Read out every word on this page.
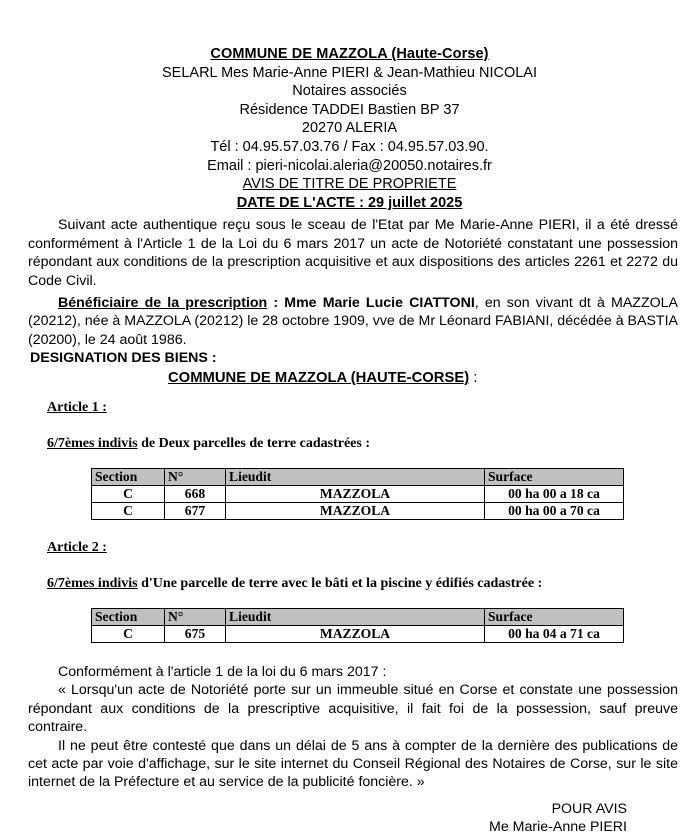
COMMUNE DE MAZZOLA (Haute-Corse)
SELARL Mes Marie-Anne PIERI & Jean-Mathieu NICOLAI
Notaires associés
Résidence TADDEI Bastien BP 37
20270 ALERIA
Tél : 04.95.57.03.76 / Fax : 04.95.57.03.90.
Email : pieri-nicolai.aleria@20050.notaires.fr
AVIS DE TITRE DE PROPRIETE
DATE DE L'ACTE : 29 juillet 2025

Suivant acte authentique reçu sous le sceau de l'Etat par Me Marie-Anne PIERI, il a été dressé conformément à l'Article 1 de la Loi du 6 mars 2017 un acte de Notoriété constatant une possession répondant aux conditions de la prescription acquisitive et aux dispositions des articles 2261 et 2272 du Code Civil.

Bénéficiaire de la prescription : Mme Marie Lucie CIATTONI, en son vivant dt à MAZZOLA (20212), née à MAZZOLA (20212) le 28 octobre 1909, vve de Mr Léonard FABIANI, décédée à BASTIA (20200), le 24 août 1986.

DESIGNATION DES BIENS :

COMMUNE DE MAZZOLA (HAUTE-CORSE) :

Article 1 :

6/7èmes indivis de Deux parcelles de terre cadastrées :

Section	N°	Lieudit	Surface
C	668	MAZZOLA	00 ha 00 a 18 ca
C	677	MAZZOLA	00 ha 00 a 70 ca

Article 2 :

6/7èmes indivis d'Une parcelle de terre avec le bâti et la piscine y édifiés cadastrée :

Section	N°	Lieudit	Surface
C	675	MAZZOLA	00 ha 04 a 71 ca

Conformément à l'article 1 de la loi du 6 mars 2017 :

« Lorsqu'un acte de Notoriété porte sur un immeuble situé en Corse et constate une possession répondant aux conditions de la prescriptive acquisitive, il fait foi de la possession, sauf preuve contraire.

Il ne peut être contesté que dans un délai de 5 ans à compter de la dernière des publications de cet acte par voie d'affichage, sur le site internet du Conseil Régional des Notaires de Corse, sur le site internet de la Préfecture et au service de la publicité foncière. »

POUR AVIS

Me Marie-Anne PIERI
